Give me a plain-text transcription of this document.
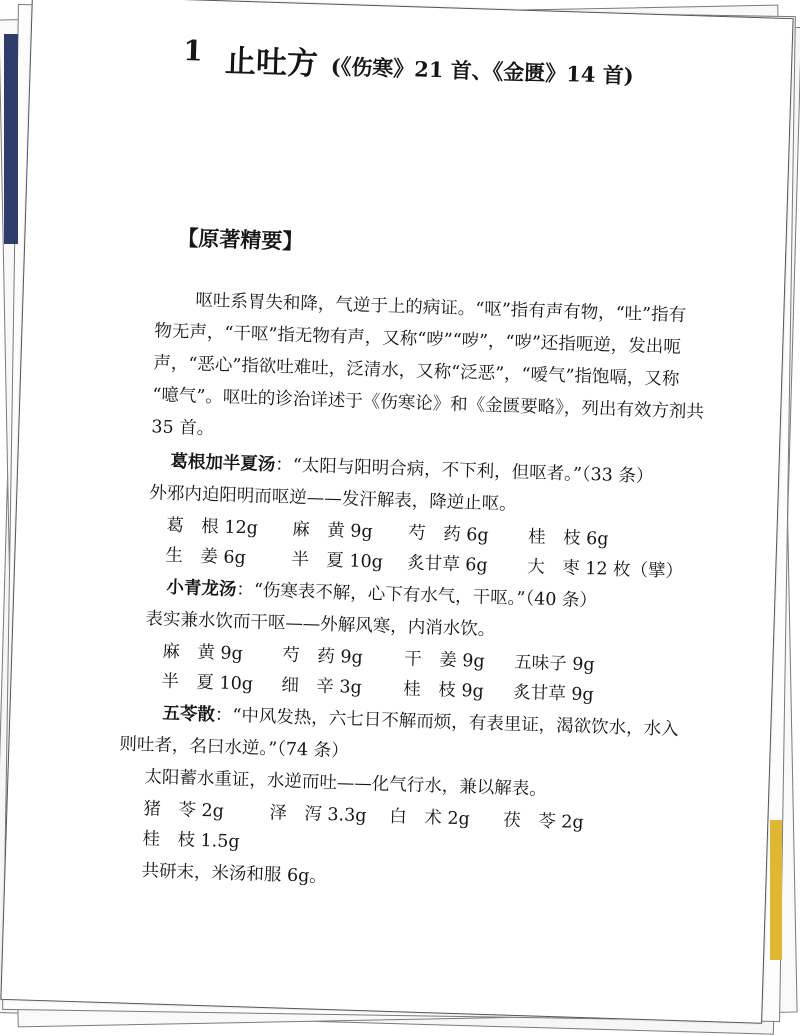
1 止吐方 (《伤寒》21 首、《金匮》14 首)
【原著精要】
呕吐系胃失和降，气逆于上的病证。“呕”指有声有物，“吐”指有
物无声，“干呕”指无物有声，又称“哕”“哕”，“哕”还指呃逆，发出呃
声，“恶心”指欲吐难吐，泛清水，又称“泛恶”，“嗳气”指饱嗝，又称
“噫气”。呕吐的诊治详述于《伤寒论》和《金匮要略》，列出有效方剂共
35 首。
葛根加半夏汤：“太阳与阳明合病，不下利，但呕者。”（33 条）
外邪内迫阳明而呕逆——发汗解表，降逆止呕。
葛　根 12g 麻　黄 9g 芍　药 6g 桂　枝 6g
生　姜 6g	半　夏 10g 炙甘草 6g 大　枣 12 枚（擘）
小青龙汤：“伤寒表不解，心下有水气，干呕。”（40 条）
表实兼水饮而干呕——外解风寒，内消水饮。
麻　黄 9g 芍　药 9g 干　姜 9g 五味子 9g
半　夏 10g 细　辛 3g 桂　枝 9g 炙甘草 9g
五苓散：“中风发热，六七日不解而烦，有表里证，渴欲饮水，水入
则吐者，名曰水逆。”（74 条）
太阳蓄水重证，水逆而吐——化气行水，兼以解表。
猪　苓 2g	泽　泻 3.3g 白　术 2g 茯　苓 2g
桂　枝 1.5g
共研末，米汤和服 6g。
